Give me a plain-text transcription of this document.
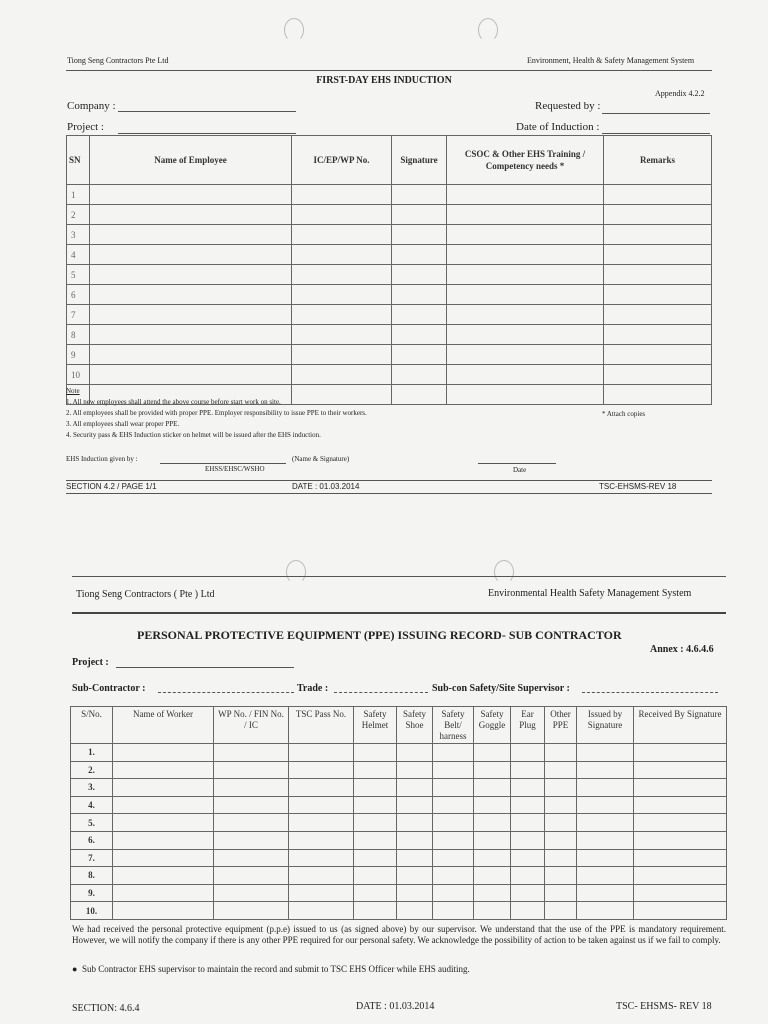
Tiong Seng Contractors Pte Ltd	Environment, Health & Safety Management System
FIRST-DAY EHS INDUCTION
Appendix 4.2.2
Company :	Requested by :
Project :	Date of Induction :
SN	Name of Employee	IC/EP/WP No.	Signature	CSOC & Other EHS Training / Competency needs *	Remarks
1					
2					
3					
4					
5					
6					
7					
8					
9					
10					

Note
1. All new employees shall attend the above course before start work on site.
2. All employees shall be provided with proper PPE. Employer responsibility to issue PPE to their workers.
3. All employees shall wear proper PPE.
4. Security pass & EHS Induction sticker on helmet will be issued after the EHS induction.
* Attach copies
EHS Induction given by :	(Name & Signature)
EHSS/EHSC/WSHO	Date
SECTION 4.2 / PAGE 1/1	DATE : 01.03.2014	TSC-EHSMS-REV 18
Tiong Seng Contractors ( Pte ) Ltd	Environmental Health Safety Management System
PERSONAL PROTECTIVE EQUIPMENT (PPE) ISSUING RECORD- SUB CONTRACTOR
Annex : 4.6.4.6
Project :
Sub-Contractor :	Trade :	Sub-con Safety/Site Supervisor :
S/No.	Name of Worker	WP No. / FIN No. / IC	TSC Pass No.	Safety Helmet	Safety Shoe	Safety Belt/ harness	Safety Goggle	Ear Plug	Other PPE	Issued by Signature	Received By Signature
1.											
2.											
3.											
4.											
5.											
6.											
7.											
8.											
9.											
10.											
We had received the personal protective equipment (p.p.e) issued to us (as signed above) by our supervisor. We understand that the use of the PPE is mandatory requirement. However, we will notify the company if there is any other PPE required for our personal safety. We acknowledge the possibility of action to be taken against us if we fail to comply.
● Sub Contractor EHS supervisor to maintain the record and submit to TSC EHS Officer while EHS auditing.
SECTION: 4.6.4	DATE : 01.03.2014	TSC- EHSMS- REV 18
